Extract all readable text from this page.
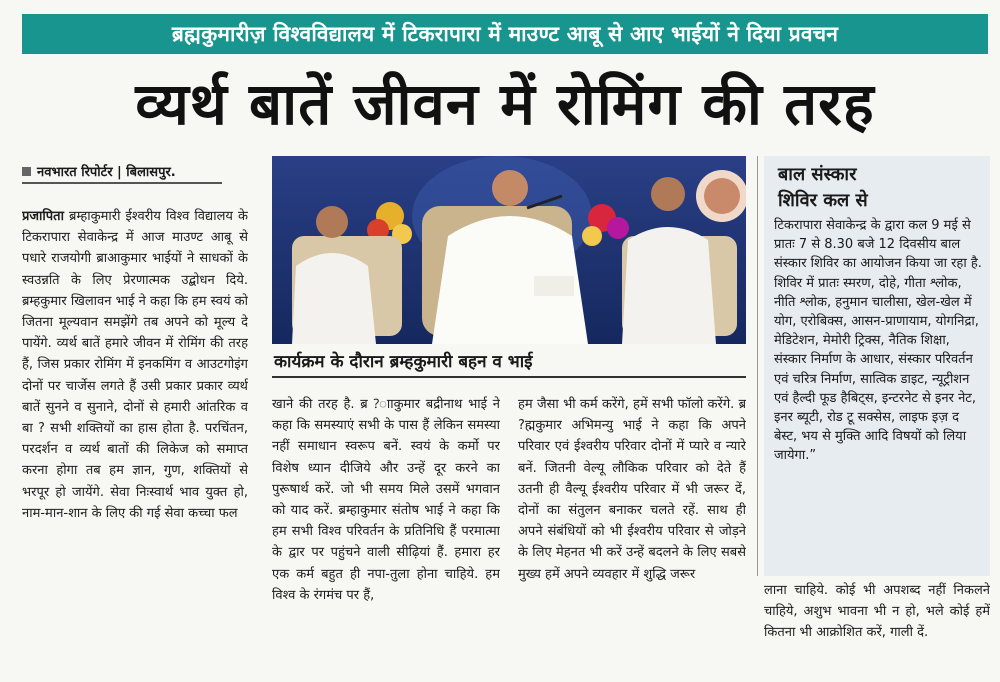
ब्रह्मकुमारीज़ विश्वविद्यालय में टिकरापारा में माउण्ट आबू से आए भाईयों ने दिया प्रवचन
व्यर्थ बातें जीवन में रोमिंग की तरह
नवभारत रिपोर्टर | बिलासपुर.
प्रजापिता ब्रम्हाकुमारी ईश्वरीय विश्व विद्यालय के टिकरापारा सेवाकेन्द्र में आज माउण्ट आबू से पधारे राजयोगी ब्राआकुमार भाईयों ने साधकों के स्वउन्नति के लिए प्रेरणात्मक उद्बोधन दिये. ब्रम्हकुमार खिलावन भाई ने कहा कि हम स्वयं को जितना मूल्यवान समझेंगे तब अपने को मूल्य दे पायेंगे. व्यर्थ बातें हमारे जीवन में रोमिंग की तरह हैं, जिस प्रकार रोमिंग में इनकमिंग व आउटगोइंग दोनों पर चार्जेस लगते हैं उसी प्रकार प्रकार व्यर्थ बातें सुनने व सुनाने, दोनों से हमारी आंतरिक व बा ? सभी शक्तियों का हास होता है. परचिंतन, परदर्शन व व्यर्थ बातों की लिकेज को समाप्त करना होगा तब हम ज्ञान, गुण, शक्तियों से भरपूर हो जायेंगे. सेवा निःस्वार्थ भाव युक्त हो, नाम-मान-शान के लिए की गई सेवा कच्चा फल
कार्यक्रम के दौरान ब्रम्हकुमारी बहन व भाई
खाने की तरह है. ब्र ?ााकुमार बद्रीनाथ भाई ने कहा कि समस्याएं सभी के पास हैं लेकिन समस्या नहीं समाधान स्वरूप बनें. स्वयं के कर्मो पर विशेष ध्यान दीजिये और उन्हें दूर करने का पुरूषार्थ करें. जो भी समय मिले उसमें भगवान को याद करें. ब्रम्हाकुमार संतोष भाई ने कहा कि हम सभी विश्व परिवर्तन के प्रतिनिधि हैं परमात्मा के द्वार पर पहुंचने वाली सीढ़ियां हैं. हमारा हर एक कर्म बहुत ही नपा-तुला होना चाहिये. हम विश्व के रंगमंच पर हैं,
हम जैसा भी कर्म करेंगे, हमें सभी फॉलो करेंगे. ब्र ?ह्मकुमार अभिमन्यु भाई ने कहा कि अपने परिवार एवं ईश्वरीय परिवार दोनों में प्यारे व न्यारे बनें. जितनी वेल्यू लौकिक परिवार को देते हैं उतनी ही वैल्यू ईश्वरीय परिवार में भी जरूर दें, दोनों का संतुलन बनाकर चलते रहें. साथ ही अपने संबंधियों को भी ईश्वरीय परिवार से जोड़ने के लिए मेहनत भी करें उन्हें बदलने के लिए सबसे मुख्य हमें अपने व्यवहार में शुद्धि जरूर
बाल संस्कार
शिविर कल से
टिकरापारा सेवाकेन्द्र के द्वारा कल 9 मई से प्रातः 7 से 8.30 बजे 12 दिवसीय बाल संस्कार शिविर का आयोजन किया जा रहा है. शिविर में प्रातः स्मरण, दोहे, गीता श्लोक, नीति श्लोक, हनुमान चालीसा, खेल-खेल में योग, एरोबिक्स, आसन-प्राणायाम, योगनिद्रा, मेडिटेशन, मेमोरी ट्रिक्स, नैतिक शिक्षा, संस्कार निर्माण के आधार, संस्कार परिवर्तन एवं चरित्र निर्माण, सात्विक डाइट, न्यूट्रीशन एवं हैल्दी फूड हैबिट्स, इन्टरनेट से इनर नेट, इनर ब्यूटी, रोड टू सक्सेस, लाइफ इज़ द बेस्ट, भय से मुक्ति आदि विषयों को लिया जायेगा.”
लाना चाहिये. कोई भी अपशब्द नहीं निकलने चाहिये, अशुभ भावना भी न हो, भले कोई हमें कितना भी आक्रोशित करें, गाली दें.
